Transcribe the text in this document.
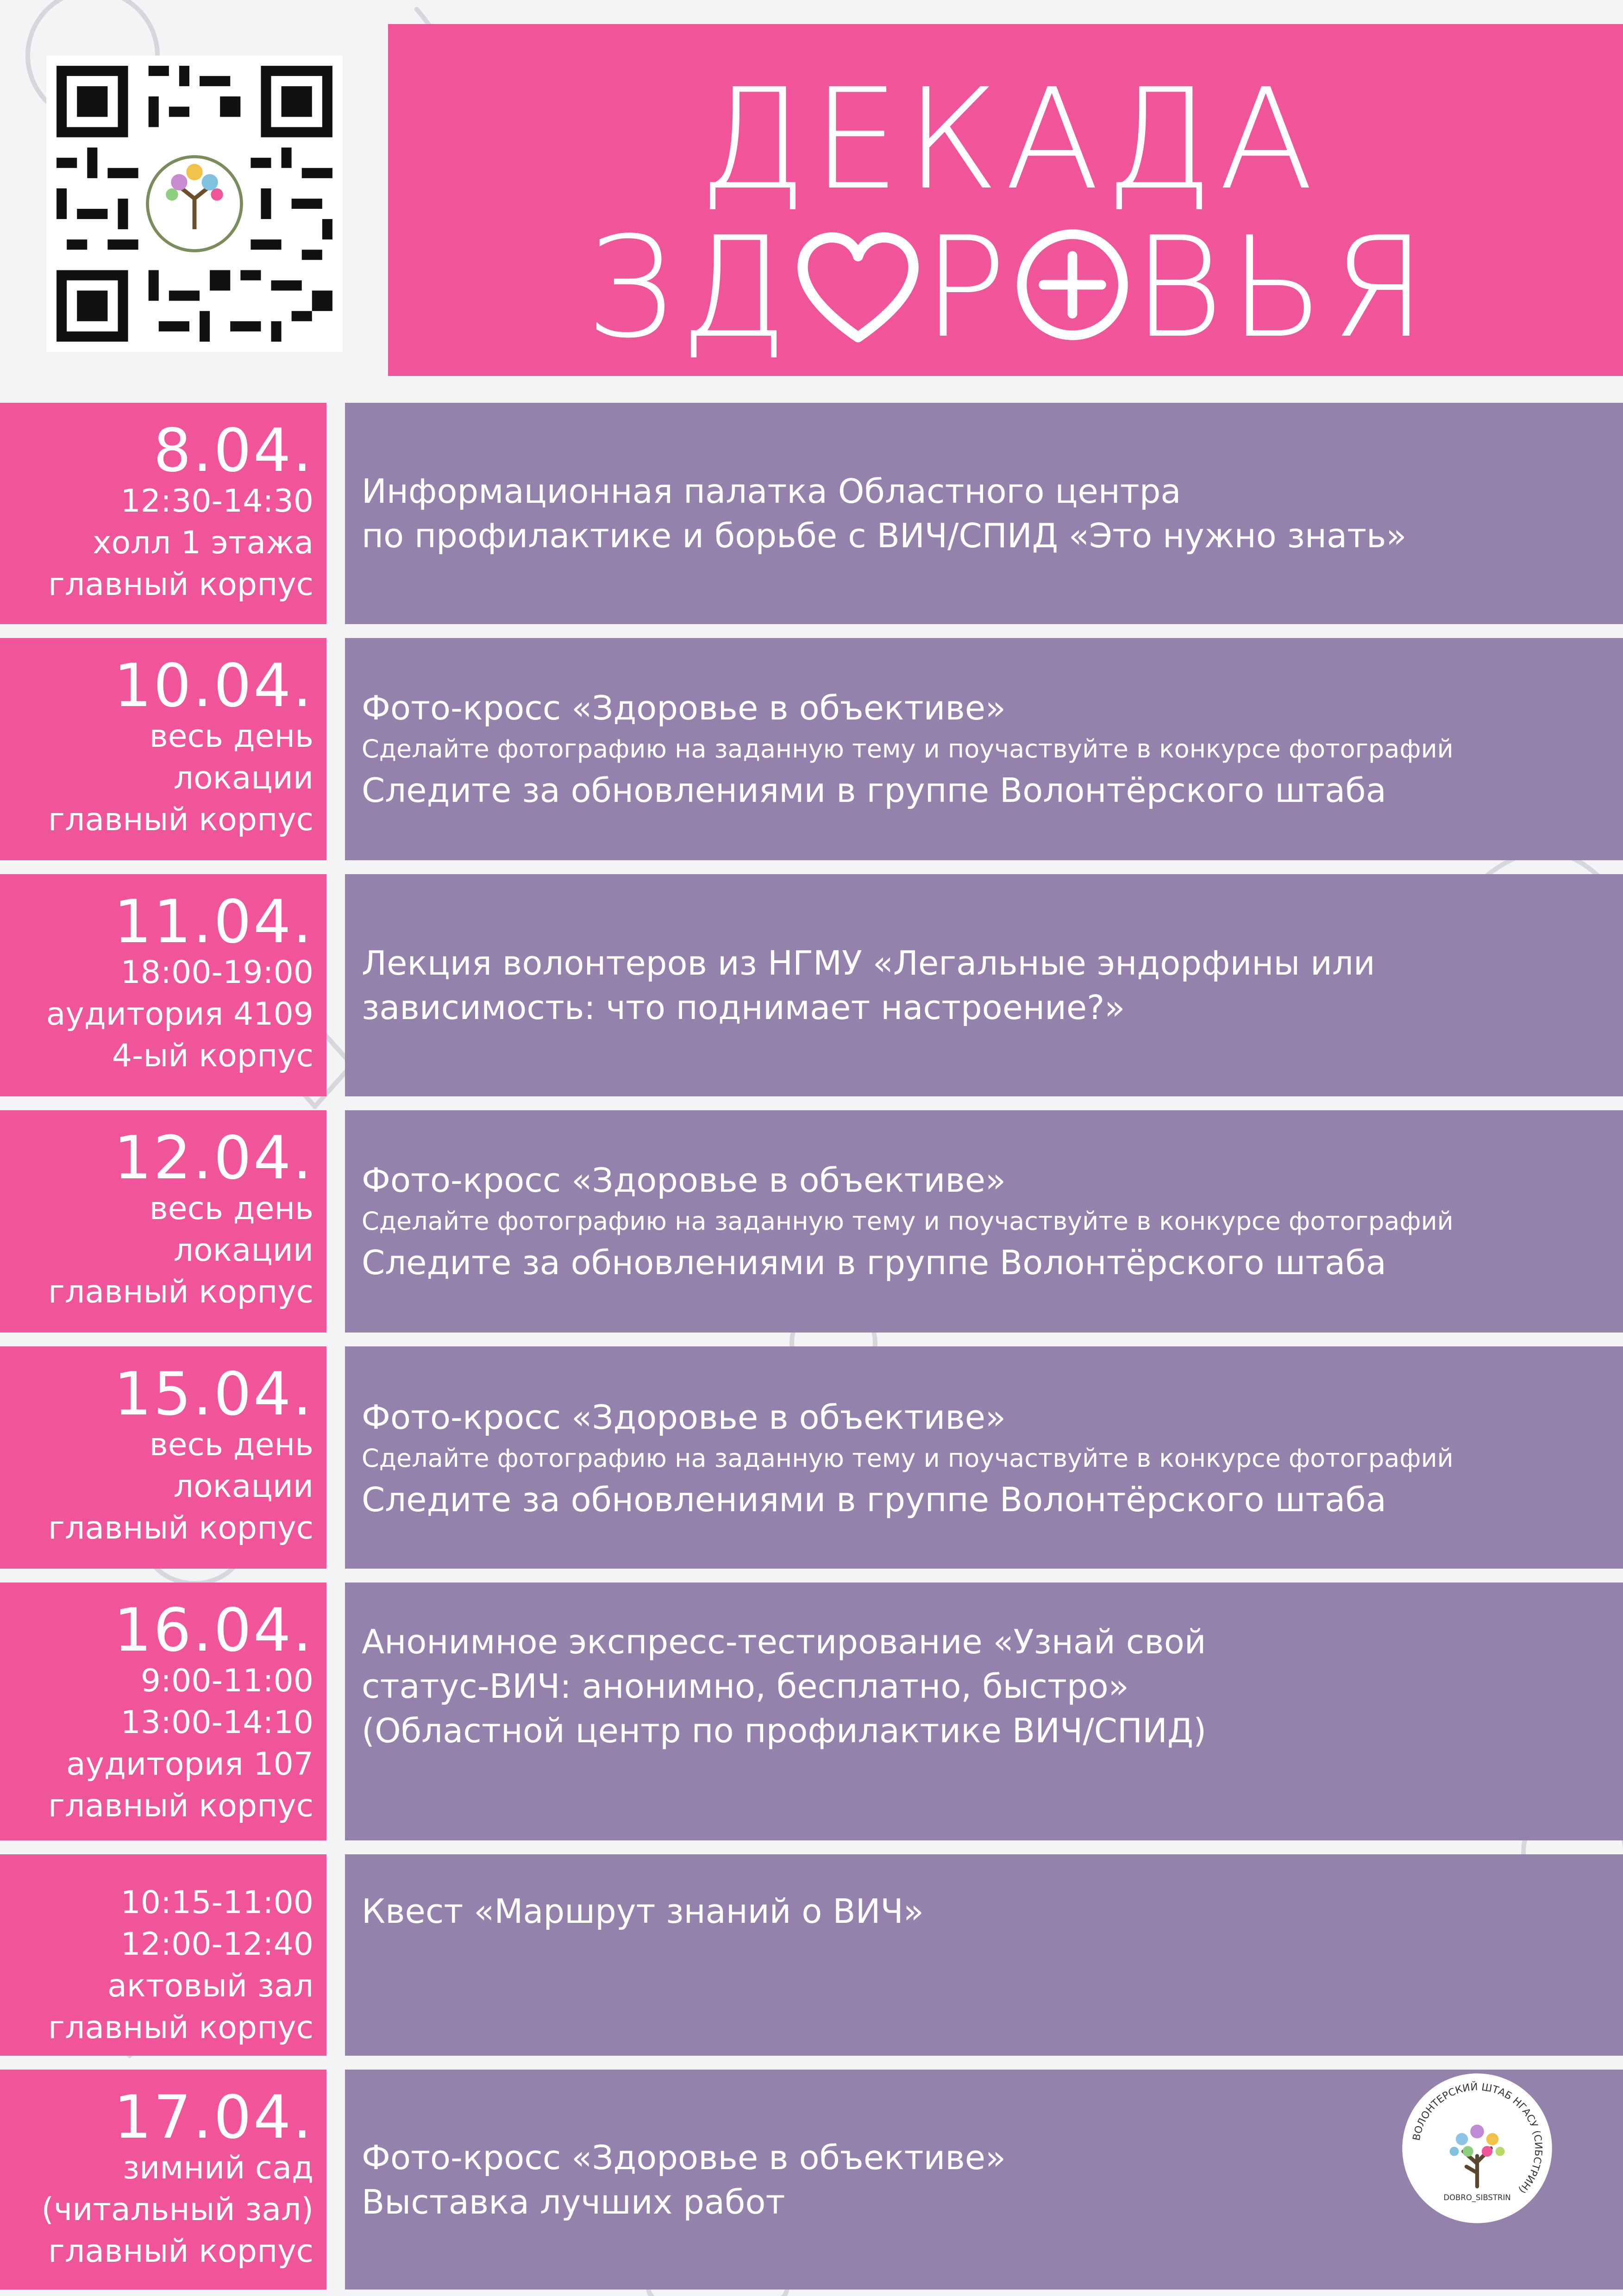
ДЕКАДА
ЗД Р ВЬЯ
8.04.
12:30-14:30
холл 1 этажа
главный корпус
Информационная палатка Областного центра
по профилактике и борьбе с ВИЧ/СПИД «Это нужно знать»
10.04.
весь день
локации
главный корпус
Фото-кросс «Здоровье в объективе»
Сделайте фотографию на заданную тему и поучаствуйте в конкурсе фотографий
Следите за обновлениями в группе Волонтёрского штаба
11.04.
18:00-19:00
аудитория 4109
4-ый корпус
Лекция волонтеров из НГМУ «Легальные эндорфины или
зависимость: что поднимает настроение?»
12.04.
весь день
локации
главный корпус
Фото-кросс «Здоровье в объективе»
Сделайте фотографию на заданную тему и поучаствуйте в конкурсе фотографий
Следите за обновлениями в группе Волонтёрского штаба
15.04.
весь день
локации
главный корпус
Фото-кросс «Здоровье в объективе»
Сделайте фотографию на заданную тему и поучаствуйте в конкурсе фотографий
Следите за обновлениями в группе Волонтёрского штаба
16.04.
9:00-11:00
13:00-14:10
аудитория 107
главный корпус
Анонимное экспресс-тестирование «Узнай свой
статус-ВИЧ: анонимно, бесплатно, быстро»
(Областной центр по профилактике ВИЧ/СПИД)
10:15-11:00
12:00-12:40
актовый зал
главный корпус
Квест «Маршрут знаний о ВИЧ»
17.04.
зимний сад
(читальный зал)
главный корпус
Фото-кросс «Здоровье в объективе»
Выставка лучших работ
ВОЛОНТЕРСКИЙ ШТАБ НГАСУ (СИБСТРИН)
DOBRO_SIBSTRIN
